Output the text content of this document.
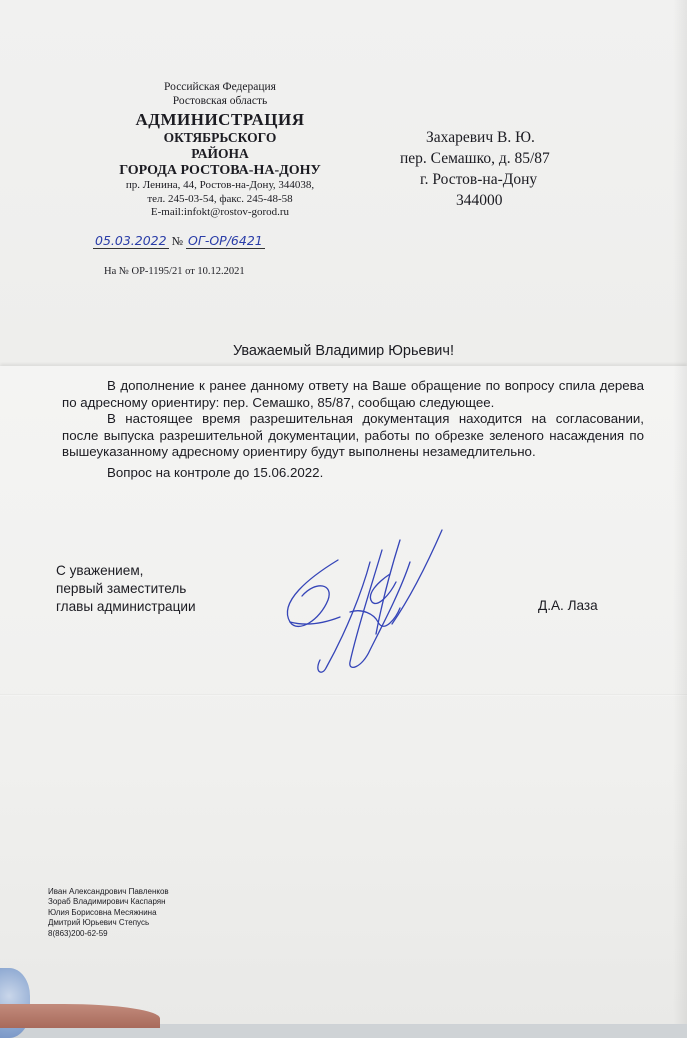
Российская Федерация
Ростовская область
АДМИНИСТРАЦИЯ
ОКТЯБРЬСКОГО
РАЙОНА
ГОРОДА РОСТОВА-НА-ДОНУ
пр. Ленина, 44, Ростов-на-Дону, 344038,
тел. 245-03-54, факс. 245-48-58
E-mail:infokt@rostov-gorod.ru
05.03.2022 № ОГ-ОР/6421
На № ОР-1195/21 от 10.12.2021
Захаревич В. Ю.
пер. Семашко, д. 85/87
г. Ростов-на-Дону
344000
Уважаемый Владимир Юрьевич!

В дополнение к ранее данному ответу на Ваше обращение по вопросу спила дерева по адресному ориентиру: пер. Семашко, 85/87, сообщаю следующее.

В настоящее время разрешительная документация находится на согласовании, после выпуска разрешительной документации, работы по обрезке зеленого насаждения по вышеуказанному адресному ориентиру будут выполнены незамедлительно.

Вопрос на контроле до 15.06.2022.

С уважением,
первый заместитель
главы администрации	Д.А. Лаза
Иван Александрович Павленков
Зораб Владимирович Каспарян
Юлия Борисовна Месяжнина
Дмитрий Юрьевич Степусь
8(863)200-62-59
